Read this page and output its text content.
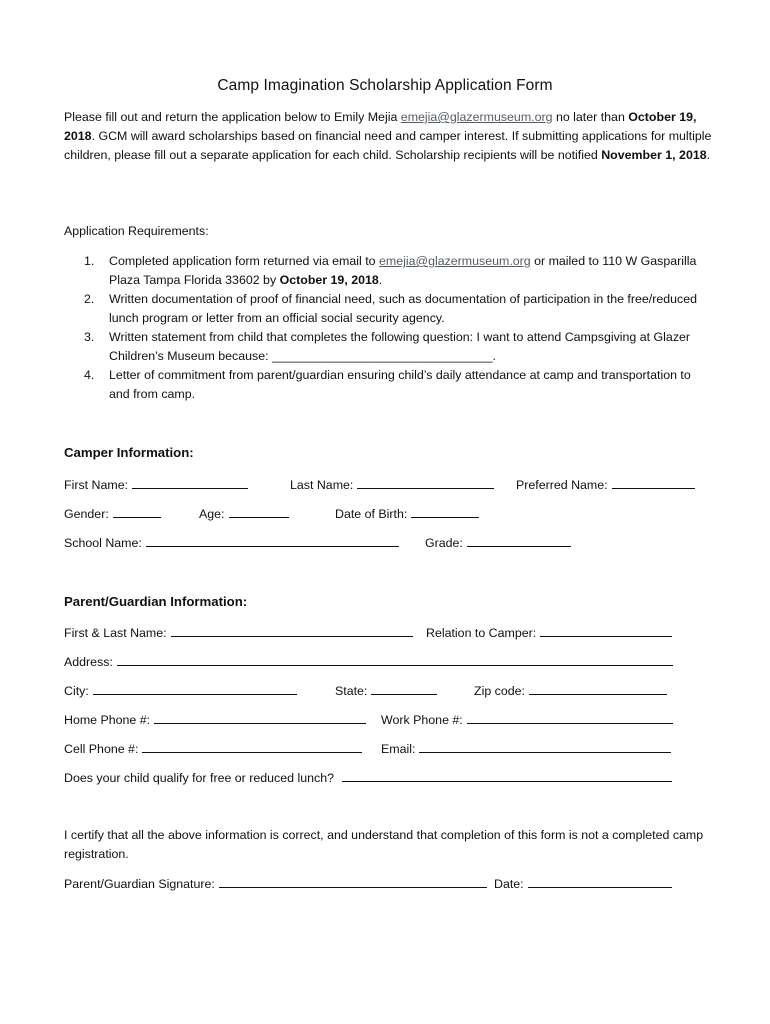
Camp Imagination Scholarship Application Form

Please fill out and return the application below to Emily Mejia emejia@glazermuseum.org no later than October 19, 2018. GCM will award scholarships based on financial need and camper interest. If submitting applications for multiple children, please fill out a separate application for each child. Scholarship recipients will be notified November 1, 2018.

Application Requirements:
1. Completed application form returned via email to emejia@glazermuseum.org or mailed to 110 W Gasparilla Plaza Tampa Florida 33602 by October 19, 2018.
2. Written documentation of proof of financial need, such as documentation of participation in the free/reduced lunch program or letter from an official social security agency.
3. Written statement from child that completes the following question: I want to attend Campsgiving at Glazer Children’s Museum because: ________________________________.
4. Letter of commitment from parent/guardian ensuring child’s daily attendance at camp and transportation to and from camp.
Camper Information:
First Name:	Last Name:	Preferred Name:
Gender:	Age:	Date of Birth:
School Name:	Grade:
Parent/Guardian Information:
First & Last Name:	Relation to Camper:
Address:
City:	State:	Zip code:
Home Phone #:	Work Phone #:
Cell Phone #:	Email:
Does your child qualify for free or reduced lunch?

I certify that all the above information is correct, and understand that completion of this form is not a completed camp registration.

Parent/Guardian Signature:	Date:
